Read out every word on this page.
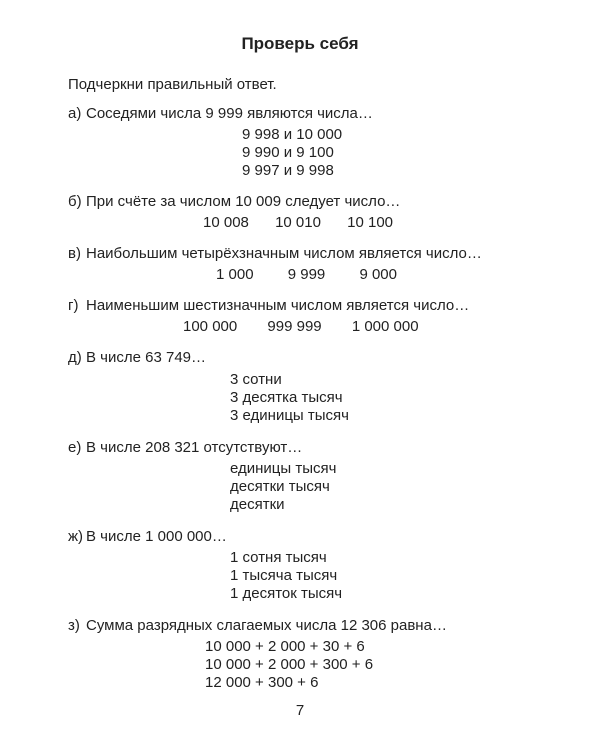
Проверь себя
Подчеркни правильный ответ.
а) Соседями числа 9 999 являются числа…
9 998 и 10 000
9 990 и 9 100
9 997 и 9 998
б) При счёте за числом 10 009 следует число…
10 008 10 010 10 100
в) Наибольшим четырёхзначным числом является число…
1 000 9 999 9 000
г) Наименьшим шестизначным числом является число…
100 000 999 999 1 000 000
д) В числе 63 749…
3 сотни
3 десятка тысяч
3 единицы тысяч
е) В числе 208 321 отсутствуют…
единицы тысяч
десятки тысяч
десятки
ж) В числе 1 000 000…
1 сотня тысяч
1 тысяча тысяч
1 десяток тысяч
з) Сумма разрядных слагаемых числа 12 306 равна…
10 000 + 2 000 + 30 + 6
10 000 + 2 000 + 300 + 6
12 000 + 300 + 6
7
